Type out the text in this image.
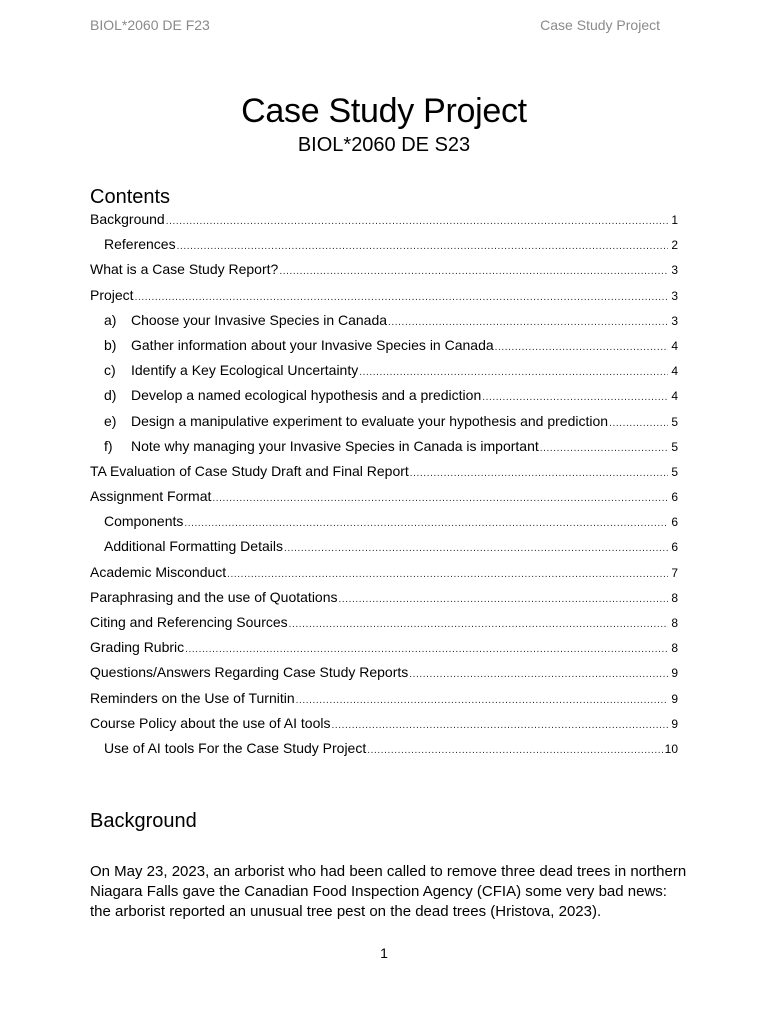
BIOL*2060 DE F23	Case Study Project
Case Study Project
BIOL*2060 DE S23
Contents
Background .....	1
References .....	2
What is a Case Study Report? .....	3
Project .....	3
a)	Choose your Invasive Species in Canada .....	3
b)	Gather information about your Invasive Species in Canada .....	4
c)	Identify a Key Ecological Uncertainty .....	4
d)	Develop a named ecological hypothesis and a prediction .....	4
e)	Design a manipulative experiment to evaluate your hypothesis and prediction .....	5
f)	Note why managing your Invasive Species in Canada is important .....	5
TA Evaluation of Case Study Draft and Final Report .....	5
Assignment Format .....	6
Components .....	6
Additional Formatting Details .....	6
Academic Misconduct .....	7
Paraphrasing and the use of Quotations .....	8
Citing and Referencing Sources .....	8
Grading Rubric .....	8
Questions/Answers Regarding Case Study Reports .....	9
Reminders on the Use of Turnitin .....	9
Course Policy about the use of AI tools .....	9
Use of AI tools For the Case Study Project .....	10
Background
On May 23, 2023, an arborist who had been called to remove three dead trees in northern Niagara Falls gave the Canadian Food Inspection Agency (CFIA) some very bad news: the arborist reported an unusual tree pest on the dead trees (Hristova, 2023).
1
